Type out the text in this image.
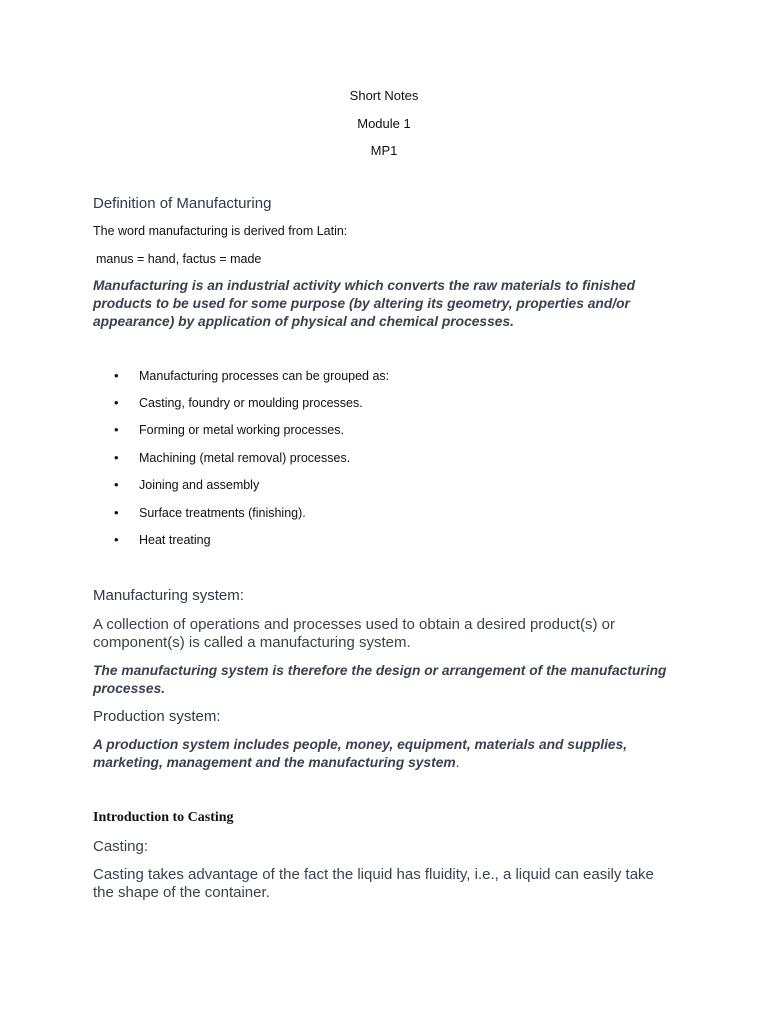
Short Notes
Module 1
MP1
Definition of Manufacturing
The word manufacturing is derived from Latin:
manus = hand, factus = made
Manufacturing is an industrial activity which converts the raw materials to finished products to be used for some purpose (by altering its geometry, properties and/or appearance) by application of physical and chemical processes.
•Manufacturing processes can be grouped as:
•Casting, foundry or moulding processes.
•Forming or metal working processes.
•Machining (metal removal) processes.
•Joining and assembly
•Surface treatments (finishing).
•Heat treating
Manufacturing system:
A collection of operations and processes used to obtain a desired product(s) or component(s) is called a manufacturing system.
The manufacturing system is therefore the design or arrangement of the manufacturing processes.
Production system:
A production system includes people, money, equipment, materials and supplies, marketing, management and the manufacturing system.
Introduction to Casting
Casting:
Casting takes advantage of the fact the liquid has fluidity, i.e., a liquid can easily take the shape of the container.
